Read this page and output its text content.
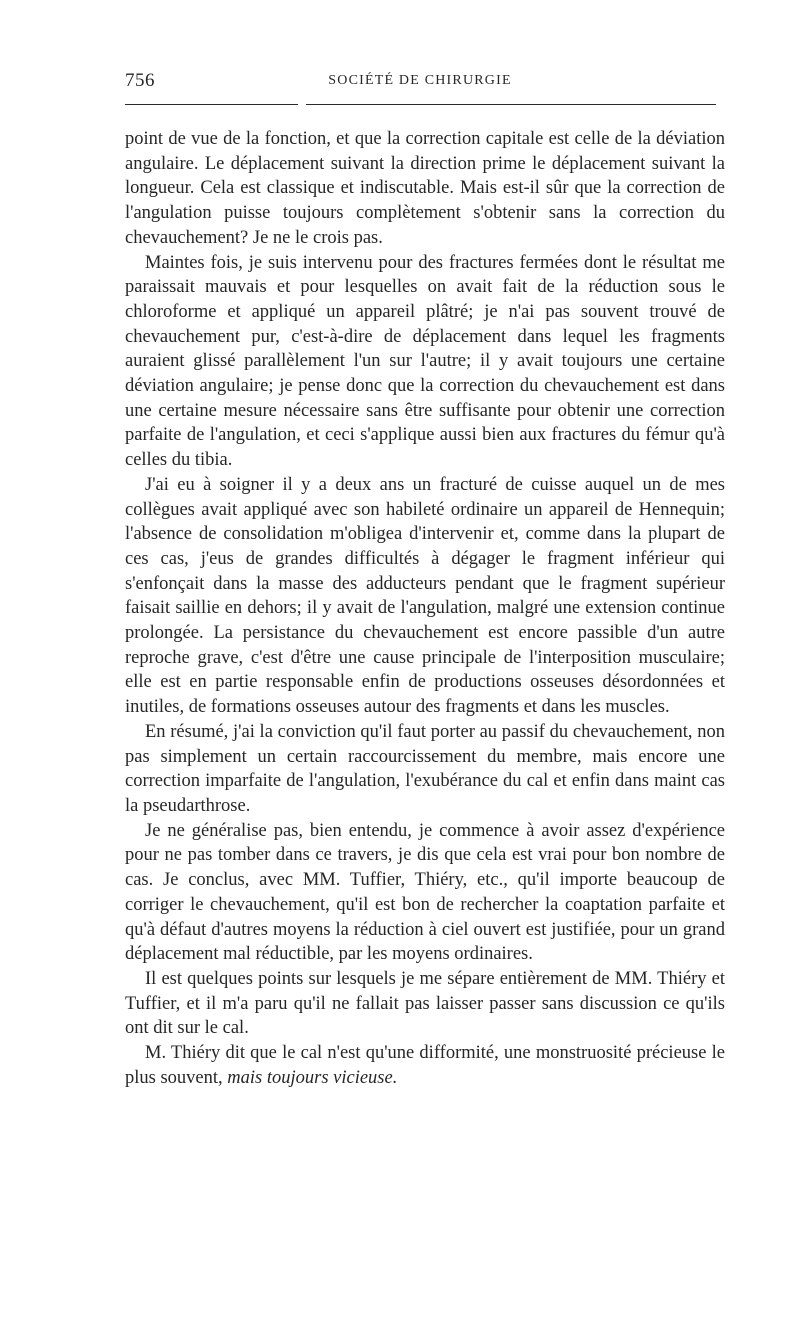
756	SOCIÉTÉ DE CHIRURGIE

point de vue de la fonction, et que la correction capitale est celle de la déviation angulaire. Le déplacement suivant la direction prime le déplacement suivant la longueur. Cela est classique et indiscutable. Mais est-il sûr que la correction de l'angulation puisse toujours complètement s'obtenir sans la correction du chevauchement? Je ne le crois pas.

Maintes fois, je suis intervenu pour des fractures fermées dont le résultat me paraissait mauvais et pour lesquelles on avait fait de la réduction sous le chloroforme et appliqué un appareil plâtré; je n'ai pas souvent trouvé de chevauchement pur, c'est-à-dire de déplacement dans lequel les fragments auraient glissé parallèlement l'un sur l'autre; il y avait toujours une certaine déviation angulaire; je pense donc que la correction du chevauchement est dans une certaine mesure nécessaire sans être suffisante pour obtenir une correction parfaite de l'angulation, et ceci s'applique aussi bien aux fractures du fémur qu'à celles du tibia.

J'ai eu à soigner il y a deux ans un fracturé de cuisse auquel un de mes collègues avait appliqué avec son habileté ordinaire un appareil de Hennequin; l'absence de consolidation m'obligea d'intervenir et, comme dans la plupart de ces cas, j'eus de grandes difficultés à dégager le fragment inférieur qui s'enfonçait dans la masse des adducteurs pendant que le fragment supérieur faisait saillie en dehors; il y avait de l'angulation, malgré une extension continue prolongée. La persistance du chevauchement est encore passible d'un autre reproche grave, c'est d'être une cause principale de l'interposition musculaire; elle est en partie responsable enfin de productions osseuses désordonnées et inutiles, de formations osseuses autour des fragments et dans les muscles.

En résumé, j'ai la conviction qu'il faut porter au passif du chevauchement, non pas simplement un certain raccourcissement du membre, mais encore une correction imparfaite de l'angulation, l'exubérance du cal et enfin dans maint cas la pseudarthrose.

Je ne généralise pas, bien entendu, je commence à avoir assez d'expérience pour ne pas tomber dans ce travers, je dis que cela est vrai pour bon nombre de cas. Je conclus, avec MM. Tuffier, Thiéry, etc., qu'il importe beaucoup de corriger le chevauchement, qu'il est bon de rechercher la coaptation parfaite et qu'à défaut d'autres moyens la réduction à ciel ouvert est justifiée, pour un grand déplacement mal réductible, par les moyens ordinaires.

Il est quelques points sur lesquels je me sépare entièrement de MM. Thiéry et Tuffier, et il m'a paru qu'il ne fallait pas laisser passer sans discussion ce qu'ils ont dit sur le cal.

M. Thiéry dit que le cal n'est qu'une difformité, une monstruosité précieuse le plus souvent, mais toujours vicieuse.
